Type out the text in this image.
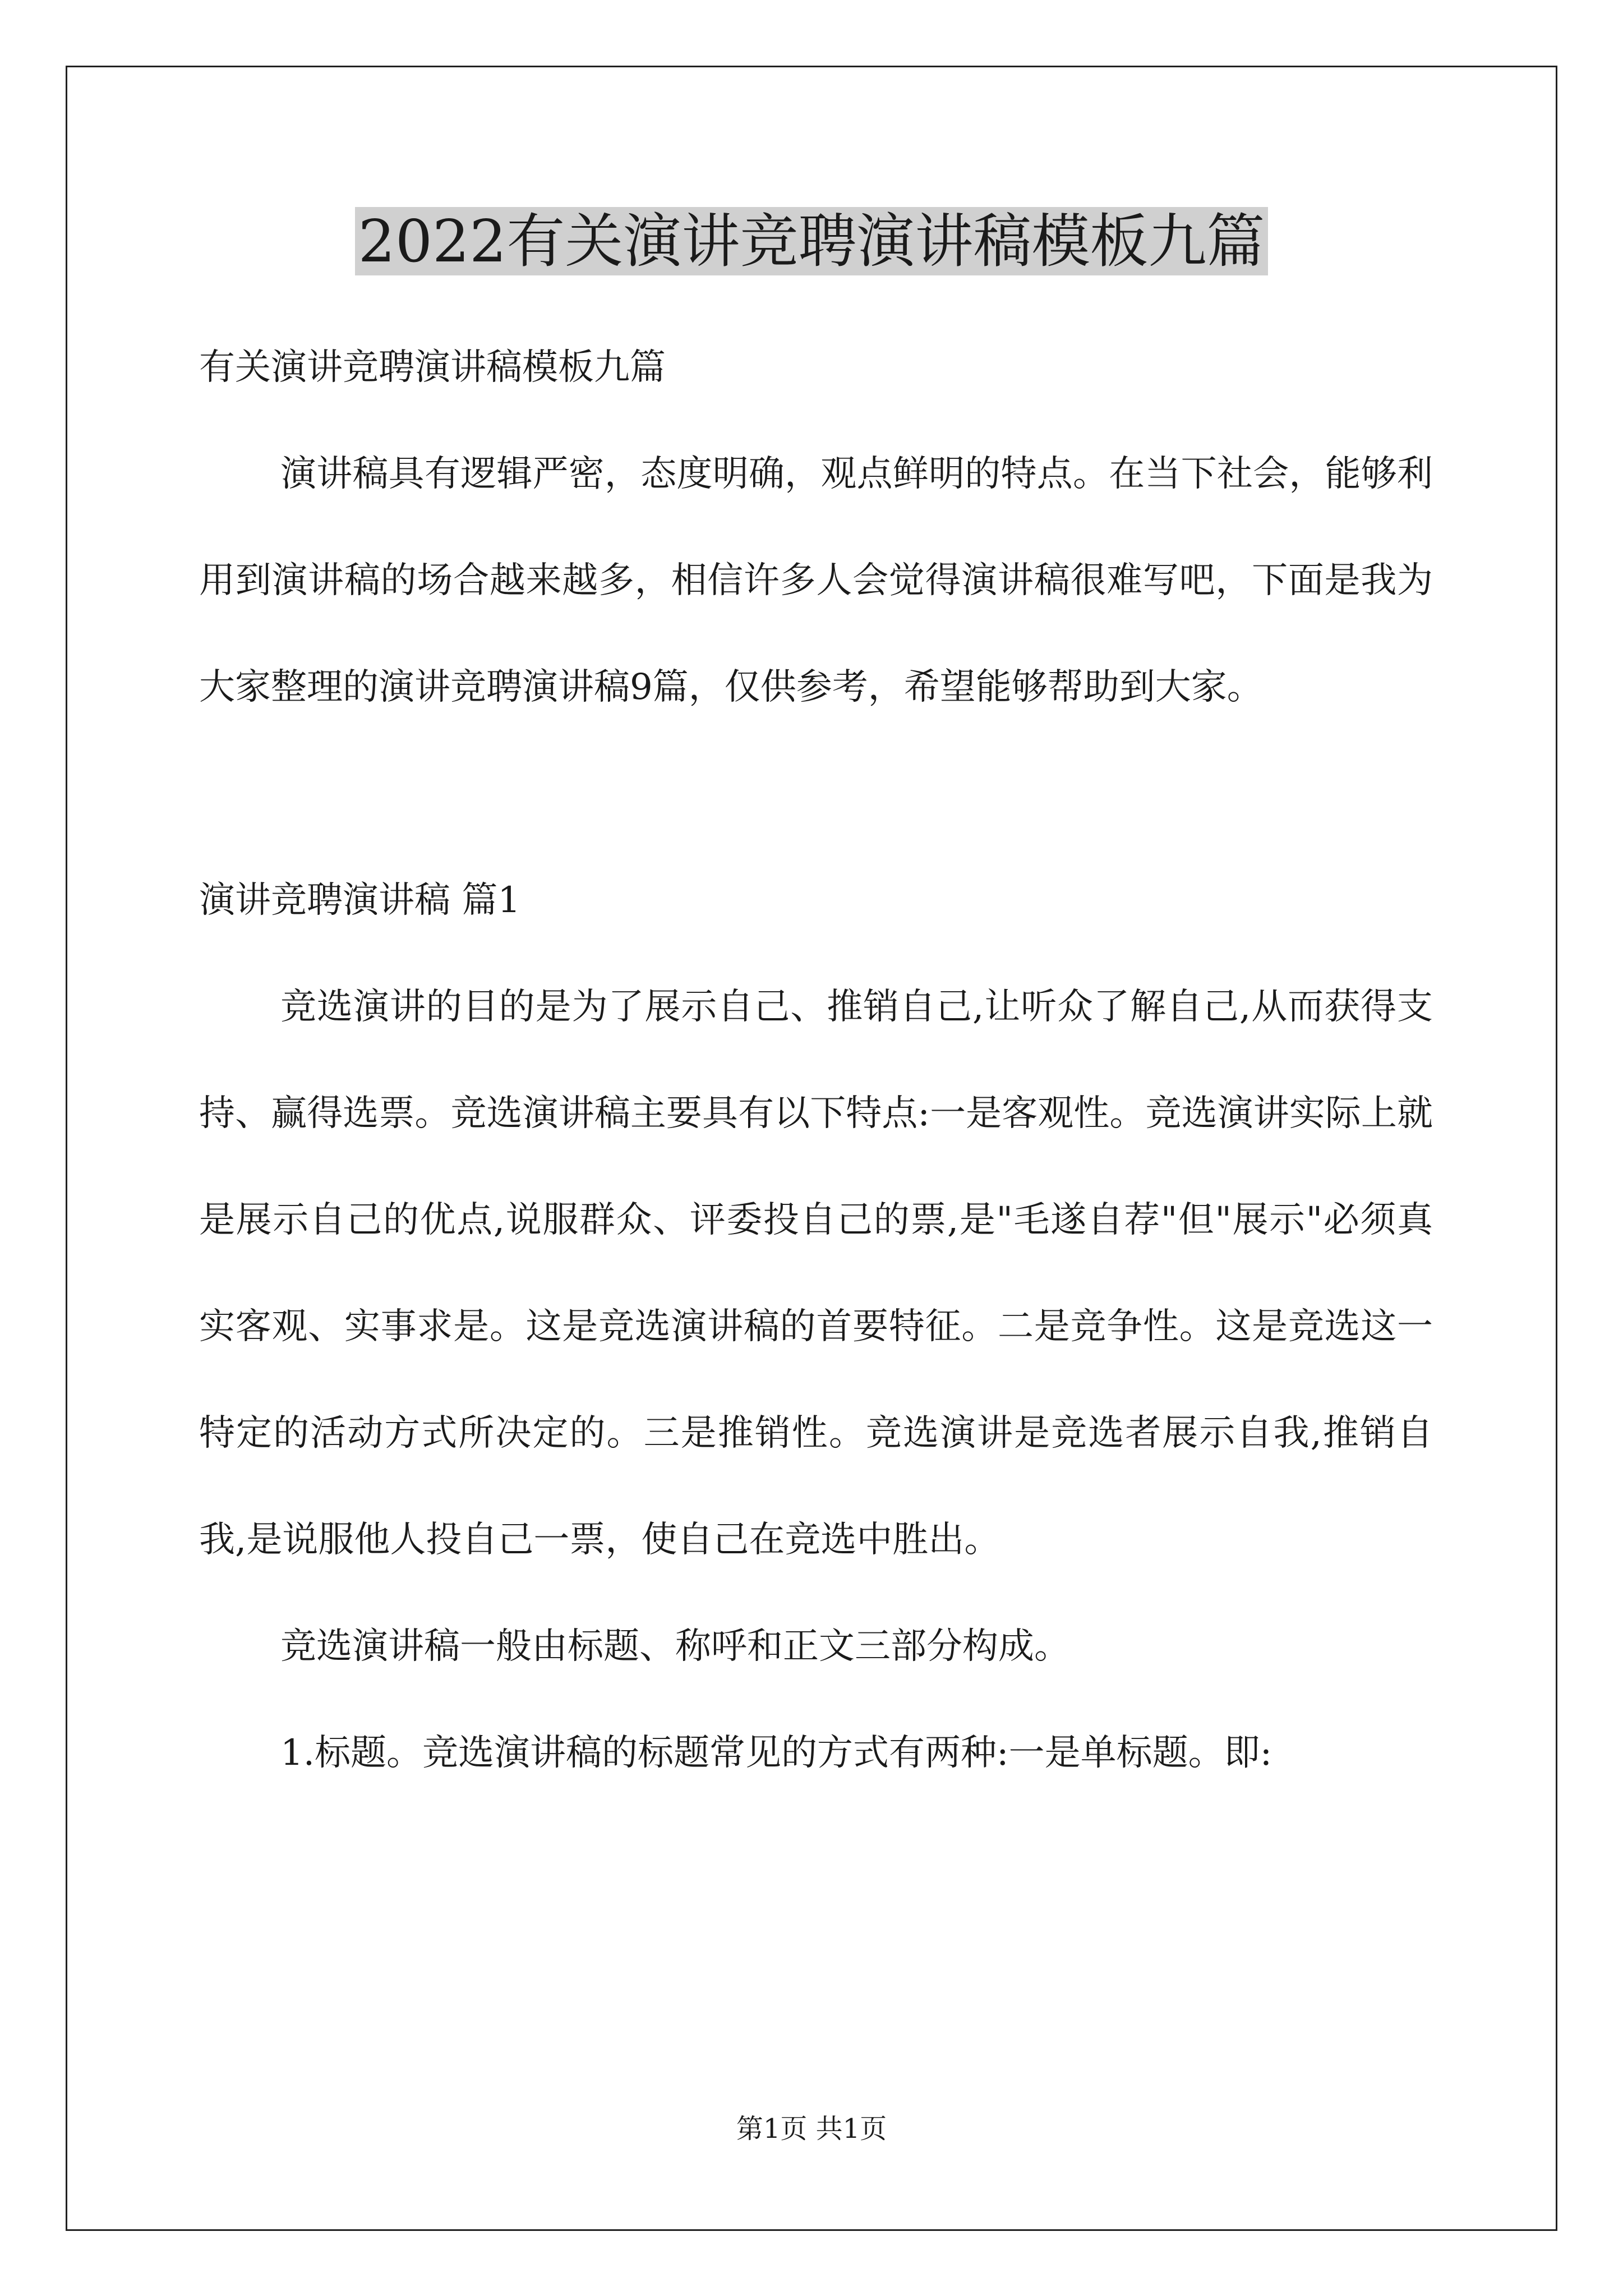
2022有关演讲竞聘演讲稿模板九篇

有关演讲竞聘演讲稿模板九篇

演讲稿具有逻辑严密，态度明确，观点鲜明的特点。在当下社会，能够利用到演讲稿的场合越来越多，相信许多人会觉得演讲稿很难写吧，下面是我为大家整理的演讲竞聘演讲稿9篇，仅供参考，希望能够帮助到大家。

演讲竞聘演讲稿 篇1

竞选演讲的目的是为了展示自己、推销自己,让听众了解自己,从而获得支持、赢得选票。竞选演讲稿主要具有以下特点:一是客观性。竞选演讲实际上就是展示自己的优点,说服群众、评委投自己的票,是"毛遂自荐"但"展示"必须真实客观、实事求是。这是竞选演讲稿的首要特征。二是竞争性。这是竞选这一特定的活动方式所决定的。三是推销性。竞选演讲是竞选者展示自我,推销自我,是说服他人投自己一票，使自己在竞选中胜出。

竞选演讲稿一般由标题、称呼和正文三部分构成。

1.标题。竞选演讲稿的标题常见的方式有两种:一是单标题。即:

第1页 共1页
